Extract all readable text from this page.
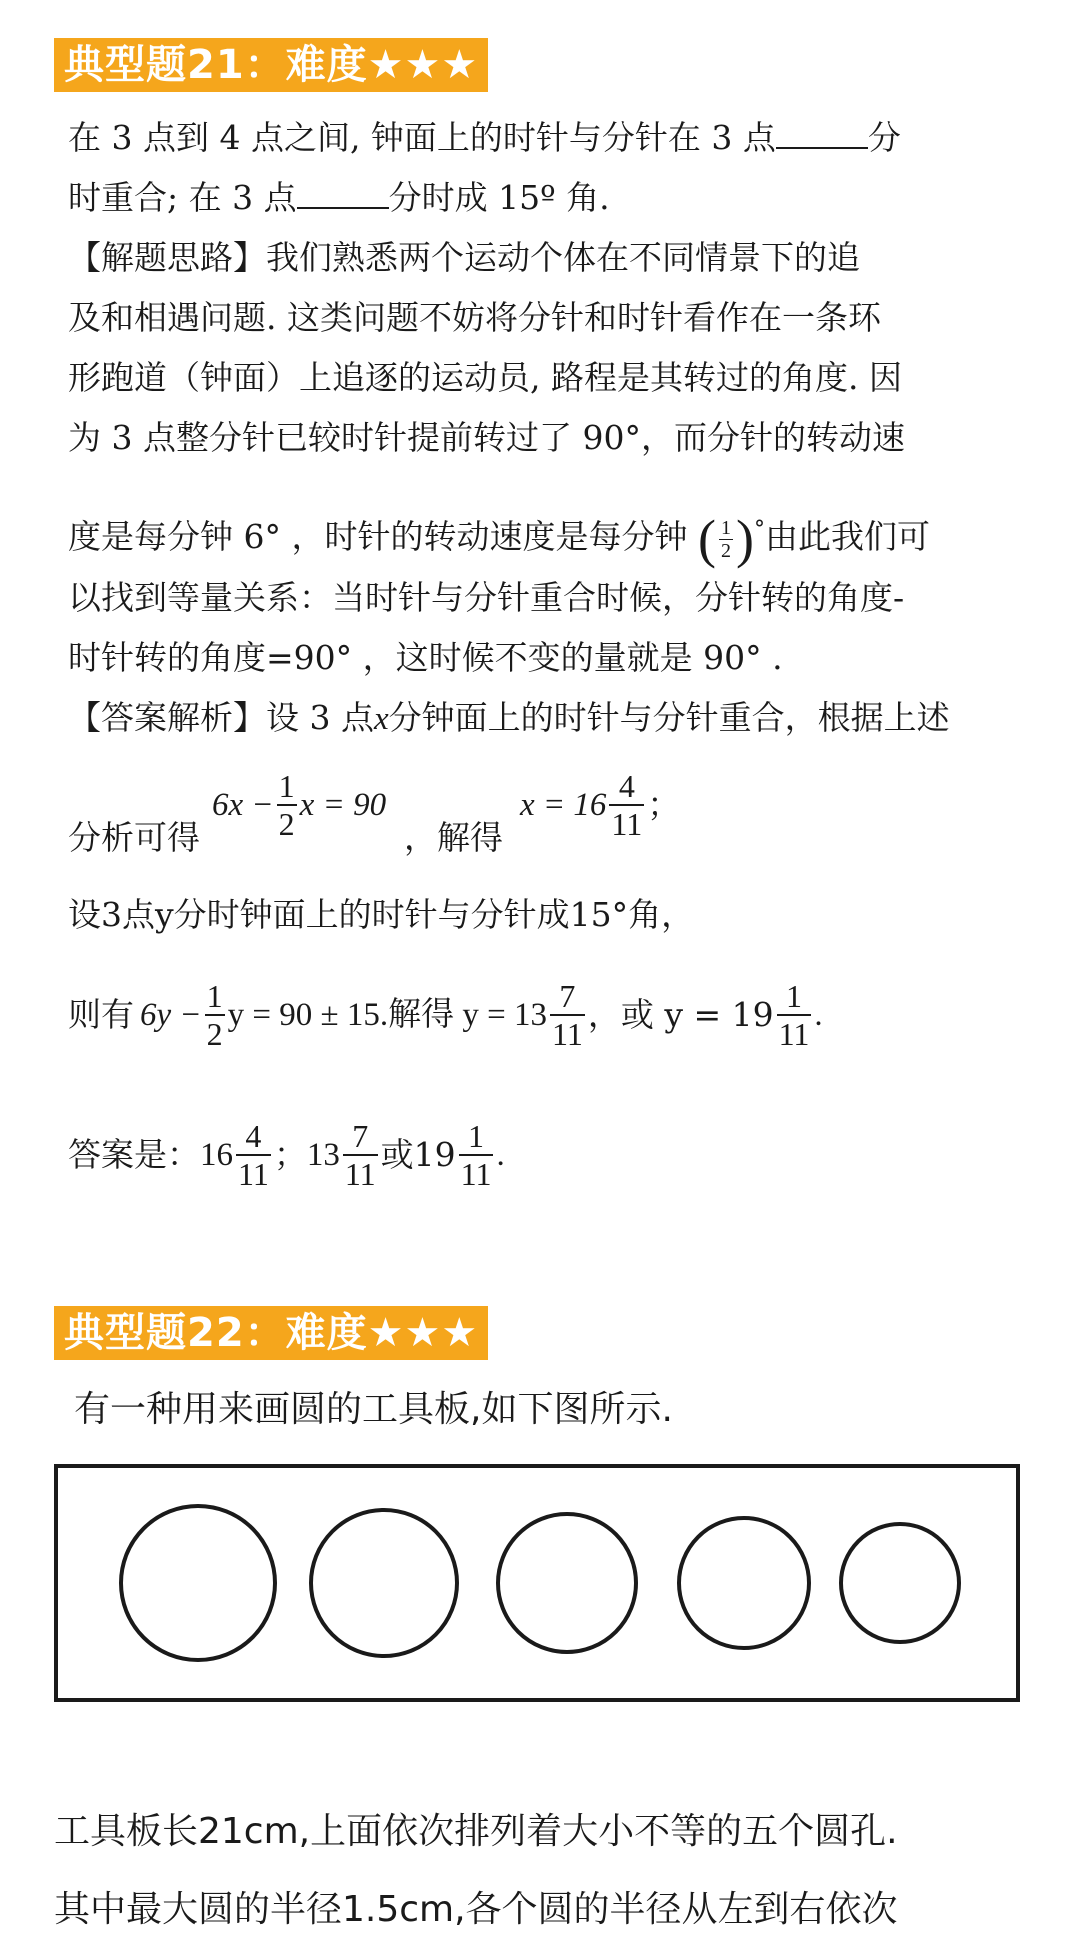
典型题21：难度★★★
在 3 点到 4 点之间, 钟面上的时针与分针在 3 点	分
时重合; 在 3 点	分时成 15º 角.
【解题思路】我们熟悉两个运动个体在不同情景下的追
及和相遇问题. 这类问题不妨将分针和时针看作在一条环
形跑道（钟面）上追逐的运动员, 路程是其转过的角度. 因
为 3 点整分针已较时针提前转过了 90°，而分针的转动速
度是每分钟 6° ，时针的转动速度是每分钟 ( $\frac{1}{2}$ ) °由此我们可
以找到等量关系：当时针与分针重合时候，分针转的角度-
时针转的角度=90° ，这时候不变的量就是 90° .
【答案解析】设 3 点x分钟面上的时针与分针重合，根据上述
分析可得
$6x - \frac{1}{2}$ x = 90
，解得
$x = 16 \frac{4}{11}$ ；
设3点y分时钟面上的时针与分针成15°角，
则有 $6y - \frac{1}{2}$ y = 90 ± 15.解得 $y = 13 \frac{7}{11}$ ，或 $y = 19 \frac{1}{11}$ .
答案是： $16 \frac{4}{11}$ ； $13 \frac{7}{11}$ 或$19 \frac{1}{11}$ .
典型题22：难度★★★
有一种用来画圆的工具板,如下图所示.
工具板长21cm,上面依次排列着大小不等的五个圆孔.
其中最大圆的半径1.5cm,各个圆的半径从左到右依次
